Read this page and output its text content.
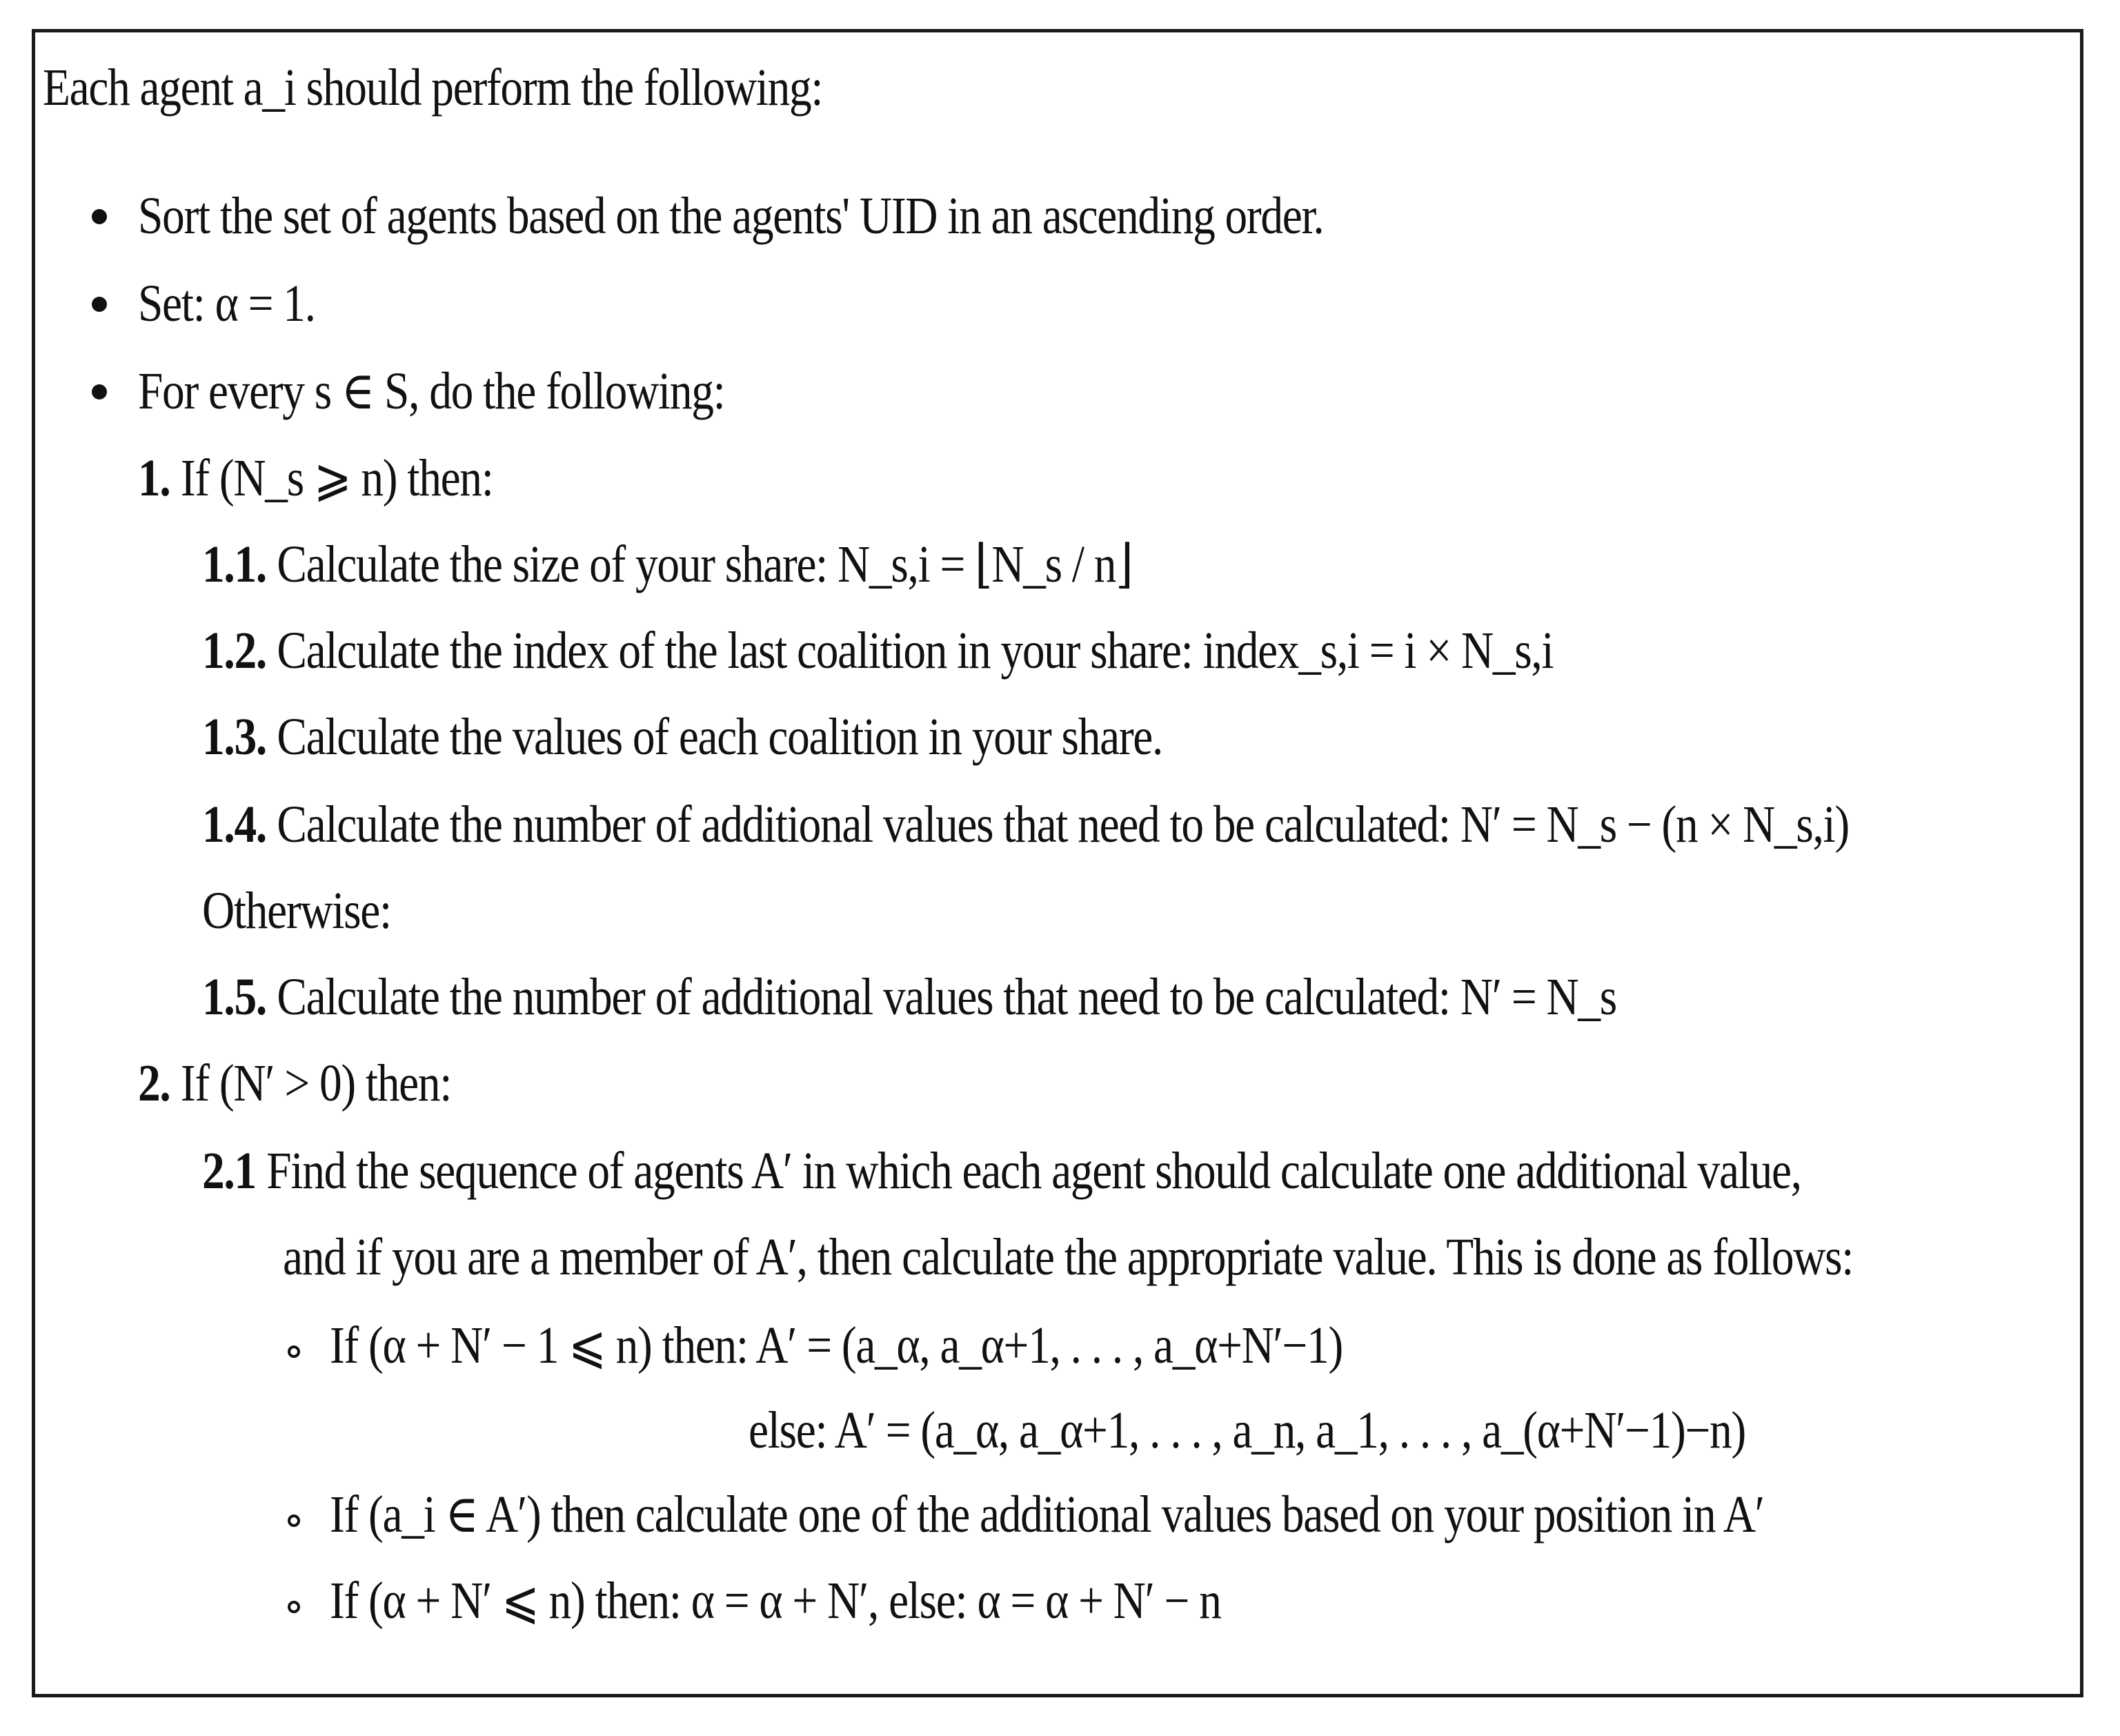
Each agent a_i should perform the following:
Sort the set of agents based on the agents' UID in an ascending order.
Set: α = 1.
For every s ∈ S, do the following:
1. If (N_s ⩾ n) then:
1.1. Calculate the size of your share: N_s,i = ⌊N_s / n⌋
1.2. Calculate the index of the last coalition in your share: index_s,i = i × N_s,i
1.3. Calculate the values of each coalition in your share.
1.4. Calculate the number of additional values that need to be calculated: N′ = N_s − (n × N_s,i)
Otherwise:
1.5. Calculate the number of additional values that need to be calculated: N′ = N_s
2. If (N′ > 0) then:
2.1 Find the sequence of agents A′ in which each agent should calculate one additional value,
and if you are a member of A′, then calculate the appropriate value. This is done as follows:
If (α + N′ − 1 ⩽ n) then: A′ = (a_α, a_α+1, . . . , a_α+N′−1)
else: A′ = (a_α, a_α+1, . . . , a_n, a_1, . . . , a_(α+N′−1)−n)
If (a_i ∈ A′) then calculate one of the additional values based on your position in A′
If (α + N′ ⩽ n) then: α = α + N′, else: α = α + N′ − n
